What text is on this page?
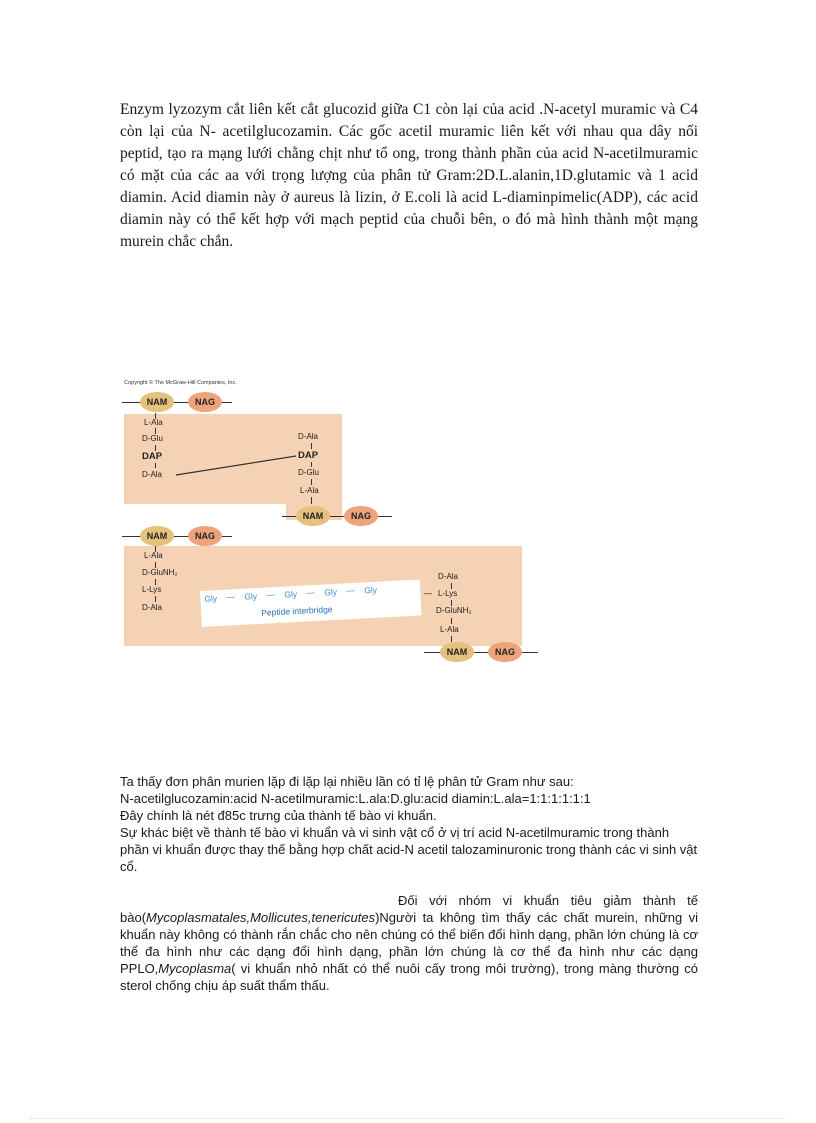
Enzym lyzozym cắt liên kết cắt glucozid giữa C1 còn lại của acid .N-acetyl muramic và C4 còn lại của N- acetilglucozamin. Các gốc acetil muramic liên kết với nhau qua dây nối peptid, tạo ra mạng lưới chằng chịt như tổ ong, trong thành phần của acid N-acetilmuramic có mặt của các aa với trọng lượng của phân tử Gram:2D.L.alanin,1D.glutamic và 1 acid diamin. Acid diamin này ở aureus là lizin, ở E.coli là acid L-diaminpimelic(ADP), các acid diamin này có thể kết hợp với mạch peptid của chuỗi bên, o đó mà hình thành một mạng murein chắc chắn.

Copyright © The McGraw-Hill Companies, Inc.
NAM	NAG
L-Ala
D-Glu
DAP
D-Ala
D-Ala
DAP
D-Glu
L-Ala
NAM	NAG
NAM	NAG
L-Ala
D-GluNH₂
L-Lys
D-Ala
Gly — Gly — Gly — Gly — Gly
Peptide interbridge
—
D-Ala
L-Lys
D-GluNH₂
L-Ala
NAM	NAG
Ta thấy đơn phân murien lặp đi lặp lại nhiều lần có tỉ lệ phân tử Gram như sau:
N-acetilglucozamin:acid N-acetilmuramic:L.ala:D.glu:acid diamin:L.ala=1:1:1:1:1:1
Đây chính là nét đ85c trưng của thành tế bào vi khuẩn.
Sự khác biệt về thành tế bào vi khuẩn và vi sinh vật cổ ở vị trí acid N-acetilmuramic trong thành phần vi khuẩn được thay thế bằng hợp chất acid-N acetil talozaminuronic trong thành các vi sinh vật cổ.

Đối với nhóm vi khuẩn tiêu giảm thành tế bào(Mycoplasmatales,Mollicutes,tenericutes)Người ta không tìm thấy các chất murein, những vi khuẩn này không có thành rắn chắc cho nên chúng có thể biến đổi hình dạng, phần lớn chúng là cơ thể đa hình như các dạng đổi hình dạng, phần lớn chúng là cơ thể đa hình như các dạng PPLO,Mycoplasma( vi khuẩn nhỏ nhất có thể nuôi cấy trong môi trường), trong màng thường có sterol chống chịu áp suất thẩm thấu.
